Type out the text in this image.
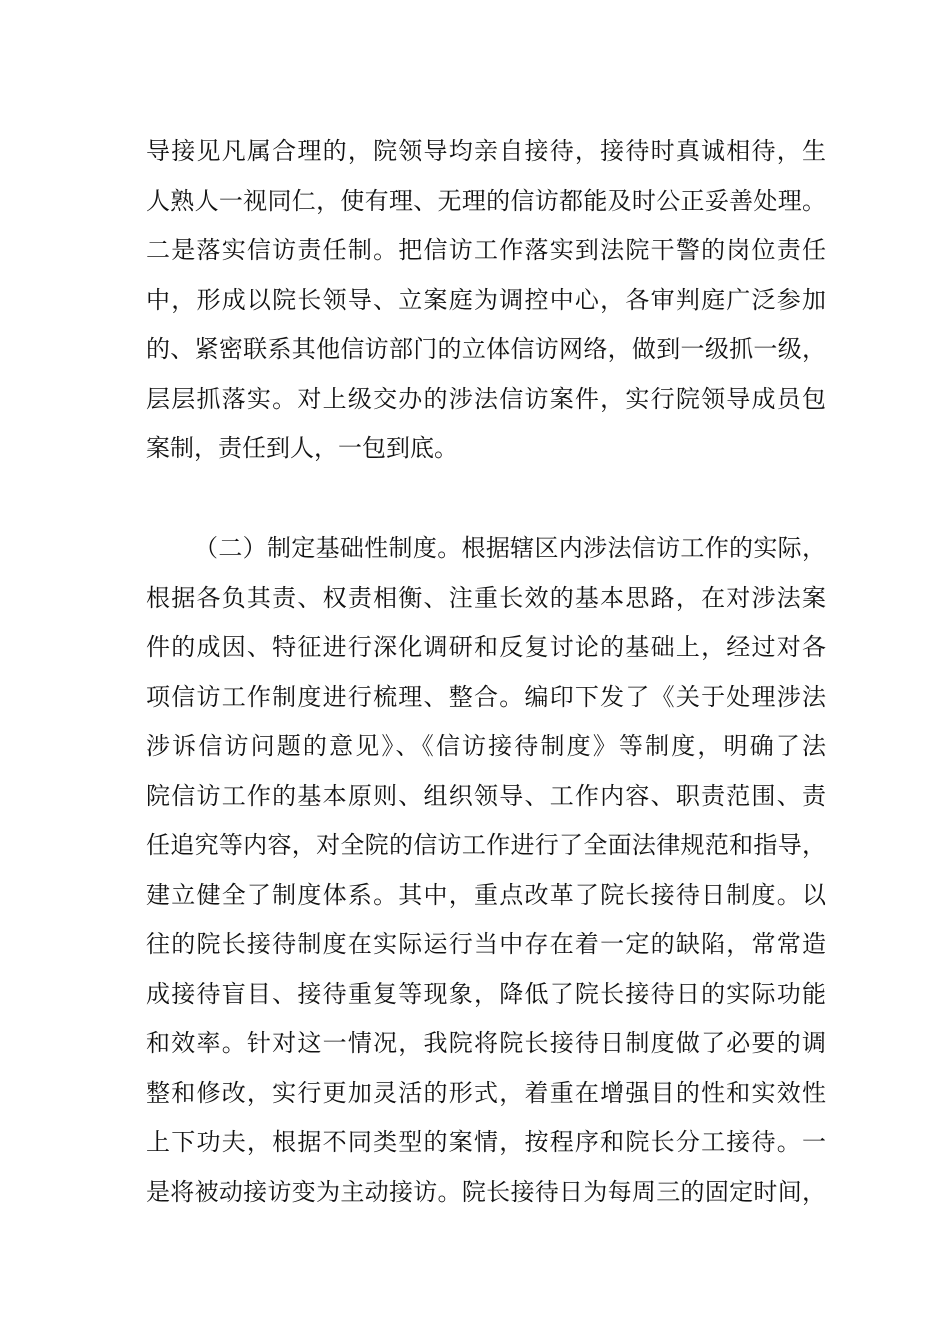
导接见凡属合理的，院领导均亲自接待，接待时真诚相待，生
人熟人一视同仁，使有理、无理的信访都能及时公正妥善处理。
二是落实信访责任制。把信访工作落实到法院干警的岗位责任
中，形成以院长领导、立案庭为调控中心，各审判庭广泛参加
的、紧密联系其他信访部门的立体信访网络，做到一级抓一级，
层层抓落实。对上级交办的涉法信访案件，实行院领导成员包
案制，责任到人，一包到底。
（二）制定基础性制度。根据辖区内涉法信访工作的实际，
根据各负其责、权责相衡、注重长效的基本思路，在对涉法案
件的成因、特征进行深化调研和反复讨论的基础上，经过对各
项信访工作制度进行梳理、整合。编印下发了《关于处理涉法
涉诉信访问题的意见》、《信访接待制度》等制度，明确了法
院信访工作的基本原则、组织领导、工作内容、职责范围、责
任追究等内容，对全院的信访工作进行了全面法律规范和指导，
建立健全了制度体系。其中，重点改革了院长接待日制度。以
往的院长接待制度在实际运行当中存在着一定的缺陷，常常造
成接待盲目、接待重复等现象，降低了院长接待日的实际功能
和效率。针对这一情况，我院将院长接待日制度做了必要的调
整和修改，实行更加灵活的形式，着重在增强目的性和实效性
上下功夫，根据不同类型的案情，按程序和院长分工接待。一
是将被动接访变为主动接访。院长接待日为每周三的固定时间，
